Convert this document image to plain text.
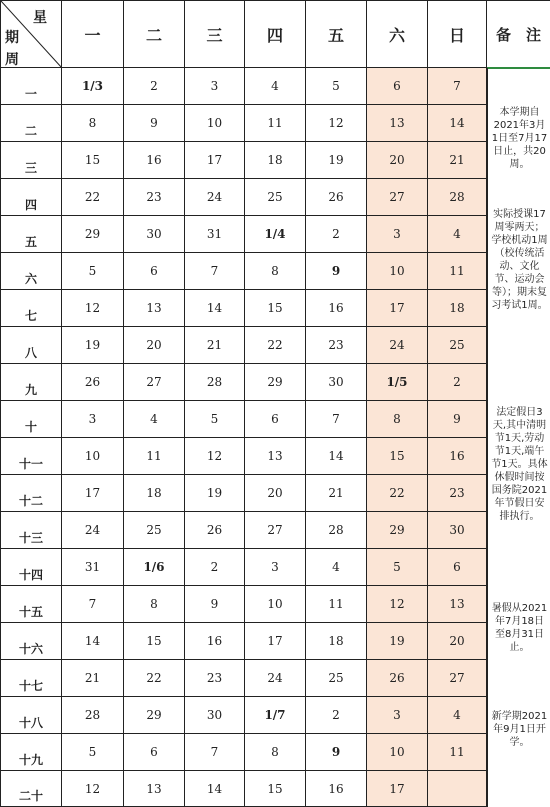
星
期
周
一	二	三	四	五	六	日	备　注
一
1/3	2	3	4	5	6	7
二
8	9	10	11	12	13	14
三
15	16	17	18	19	20	21
四
22	23	24	25	26	27	28
五
29	30	31	1/4	2	3	4
六
5	6	7	8	9	10	11
七
12	13	14	15	16	17	18
八
19	20	21	22	23	24	25
九
26	27	28	29	30	1/5	2
十
3	4	5	6	7	8	9
十一
10	11	12	13	14	15	16
十二
17	18	19	20	21	22	23
十三
24	25	26	27	28	29	30
十四
31	1/6	2	3	4	5	6
十五
7	8	9	10	11	12	13
十六
14	15	16	17	18	19	20
十七
21	22	23	24	25	26	27
十八
28	29	30	1/7	2	3	4
十九
5	6	7	8	9	10	11
二十
12	13	14	15	16	17
本学期自2021年3月1日至7月17日止，共20周。
实际授课17周零两天；学校机动1周（校传统活动、文化节、运动会等）；期末复习考试1周。
法定假日3天,其中清明节1天,劳动节1天,端午节1天。具体休假时间按国务院2021年节假日安排执行。
暑假从2021年7月18日至8月31日止。
新学期2021年9月1日开学。
